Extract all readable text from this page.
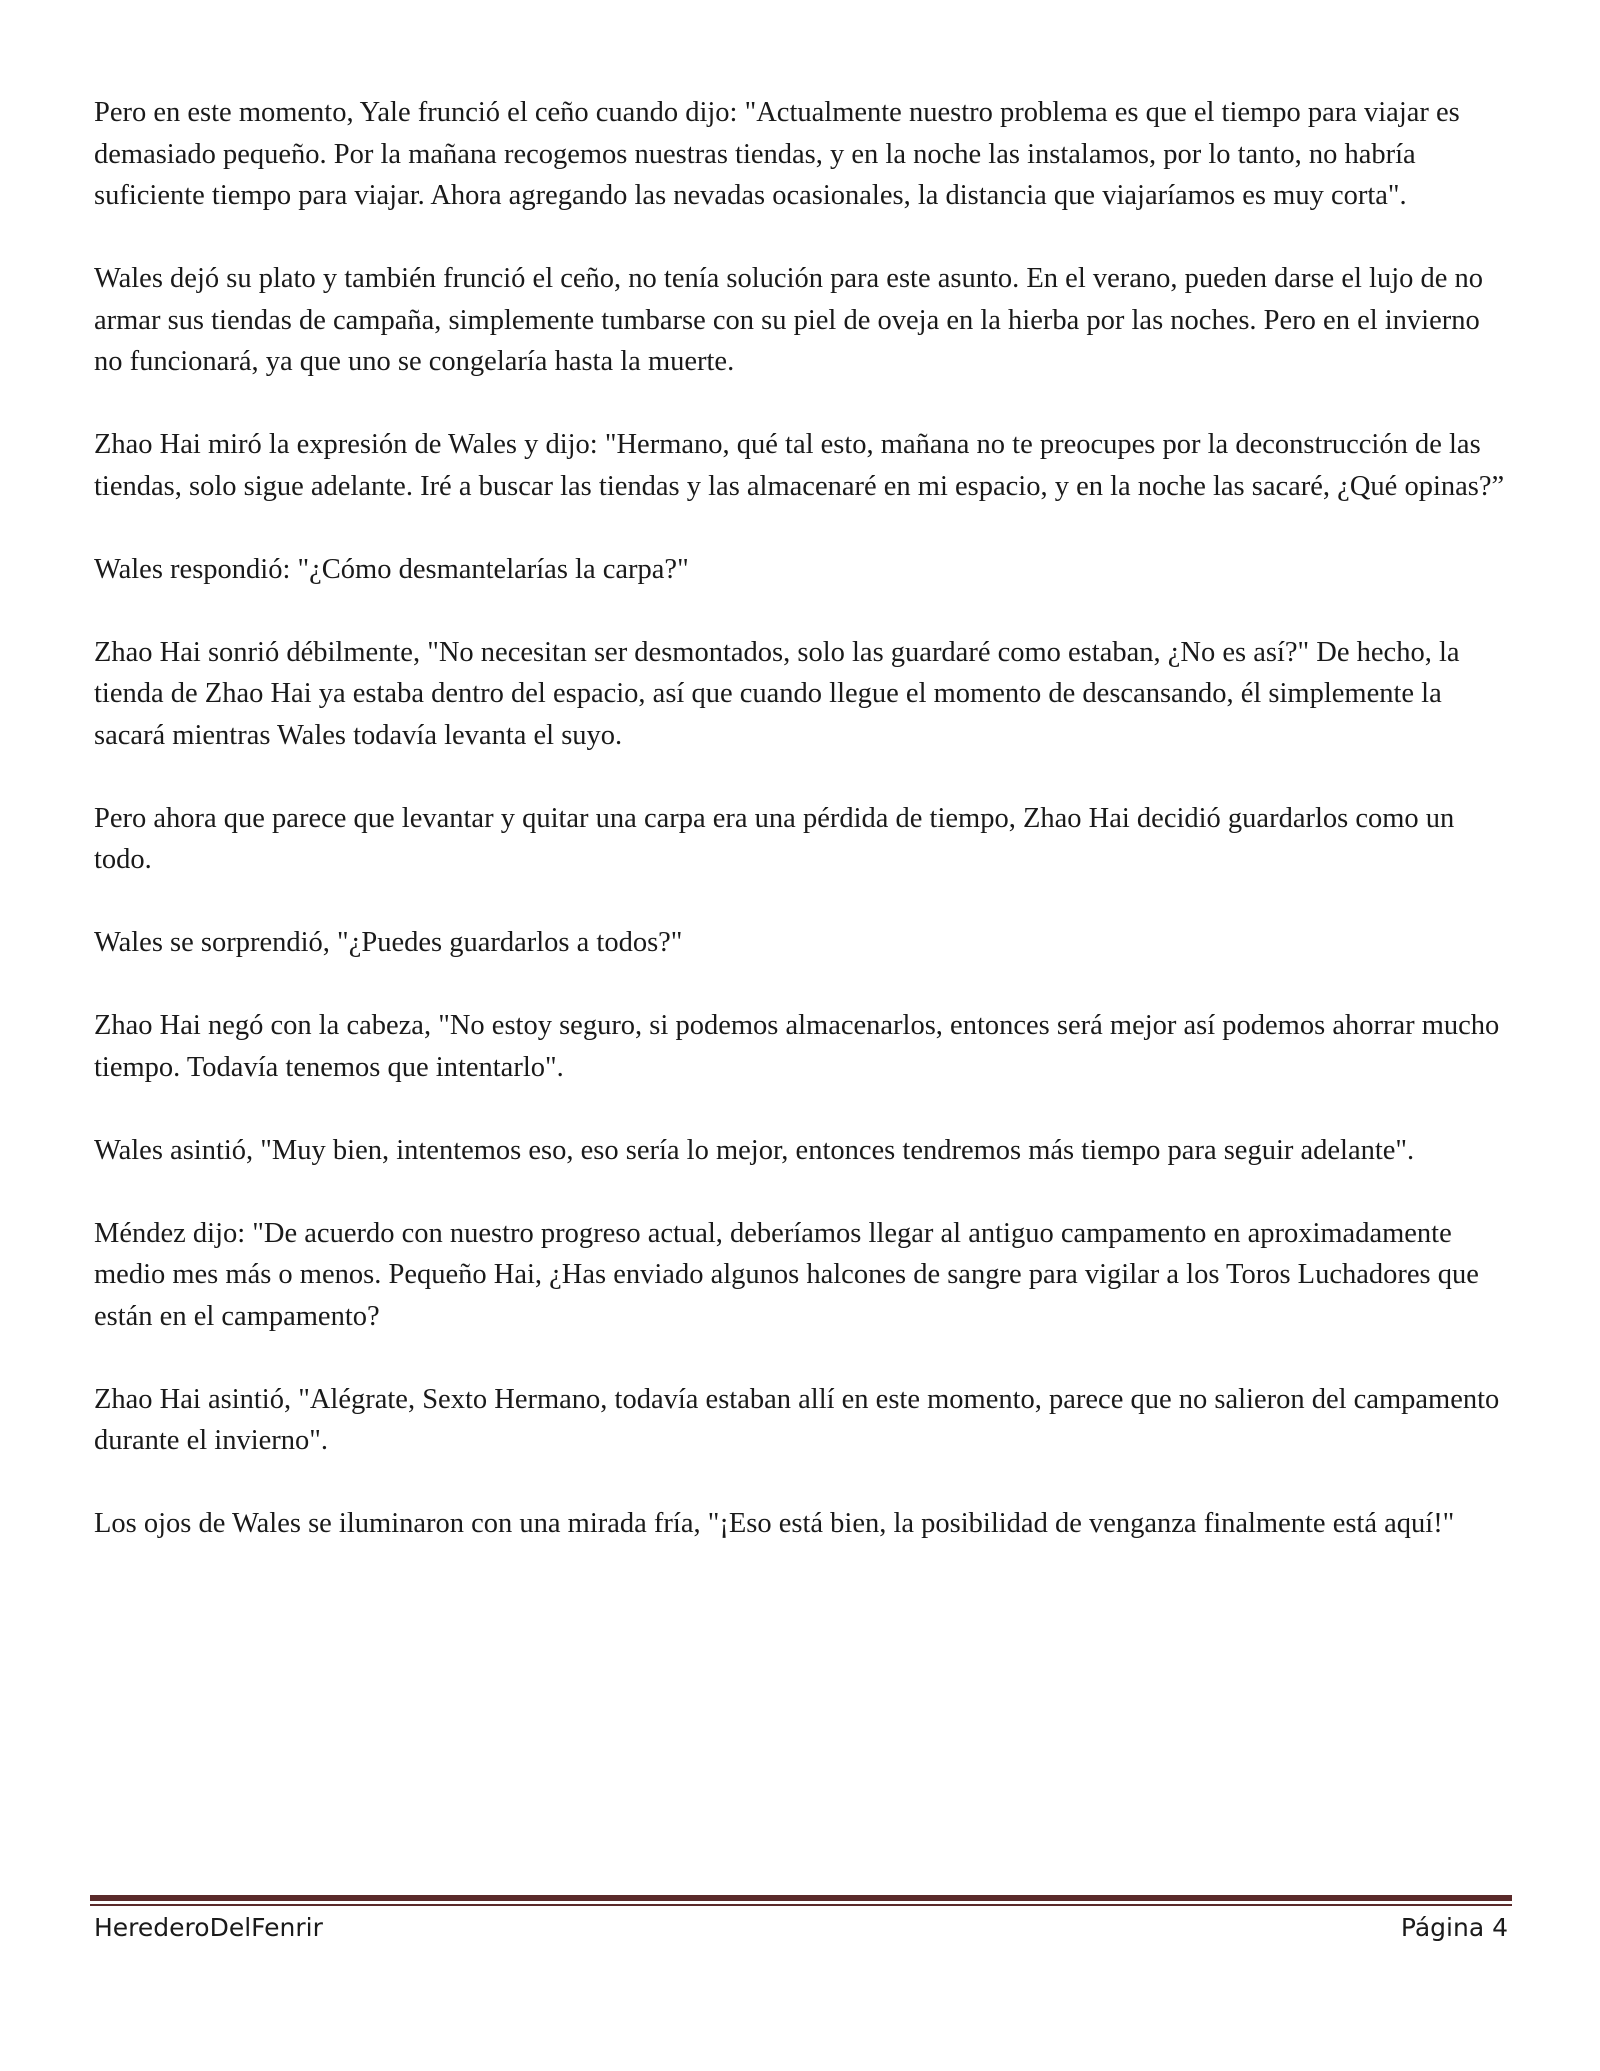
Pero en este momento, Yale frunció el ceño cuando dijo: "Actualmente nuestro problema es que el tiempo para viajar es demasiado pequeño. Por la mañana recogemos nuestras tiendas, y en la noche las instalamos, por lo tanto, no habría suficiente tiempo para viajar. Ahora agregando las nevadas ocasionales, la distancia que viajaríamos es muy corta".

Wales dejó su plato y también frunció el ceño, no tenía solución para este asunto. En el verano, pueden darse el lujo de no armar sus tiendas de campaña, simplemente tumbarse con su piel de oveja en la hierba por las noches. Pero en el invierno no funcionará, ya que uno se congelaría hasta la muerte.

Zhao Hai miró la expresión de Wales y dijo: "Hermano, qué tal esto, mañana no te preocupes por la deconstrucción de las tiendas, solo sigue adelante. Iré a buscar las tiendas y las almacenaré en mi espacio, y en la noche las sacaré, ¿Qué opinas?”

Wales respondió: "¿Cómo desmantelarías la carpa?"

Zhao Hai sonrió débilmente, "No necesitan ser desmontados, solo las guardaré como estaban, ¿No es así?" De hecho, la tienda de Zhao Hai ya estaba dentro del espacio, así que cuando llegue el momento de descansando, él simplemente la sacará mientras Wales todavía levanta el suyo.

Pero ahora que parece que levantar y quitar una carpa era una pérdida de tiempo, Zhao Hai decidió guardarlos como un todo.

Wales se sorprendió, "¿Puedes guardarlos a todos?"

Zhao Hai negó con la cabeza, "No estoy seguro, si podemos almacenarlos, entonces será mejor así podemos ahorrar mucho tiempo. Todavía tenemos que intentarlo".

Wales asintió, "Muy bien, intentemos eso, eso sería lo mejor, entonces tendremos más tiempo para seguir adelante".

Méndez dijo: "De acuerdo con nuestro progreso actual, deberíamos llegar al antiguo campamento en aproximadamente medio mes más o menos. Pequeño Hai, ¿Has enviado algunos halcones de sangre para vigilar a los Toros Luchadores que están en el campamento?

Zhao Hai asintió, "Alégrate, Sexto Hermano, todavía estaban allí en este momento, parece que no salieron del campamento durante el invierno".

Los ojos de Wales se iluminaron con una mirada fría, "¡Eso está bien, la posibilidad de venganza finalmente está aquí!"

HerederoDelFenrir	Página 4
